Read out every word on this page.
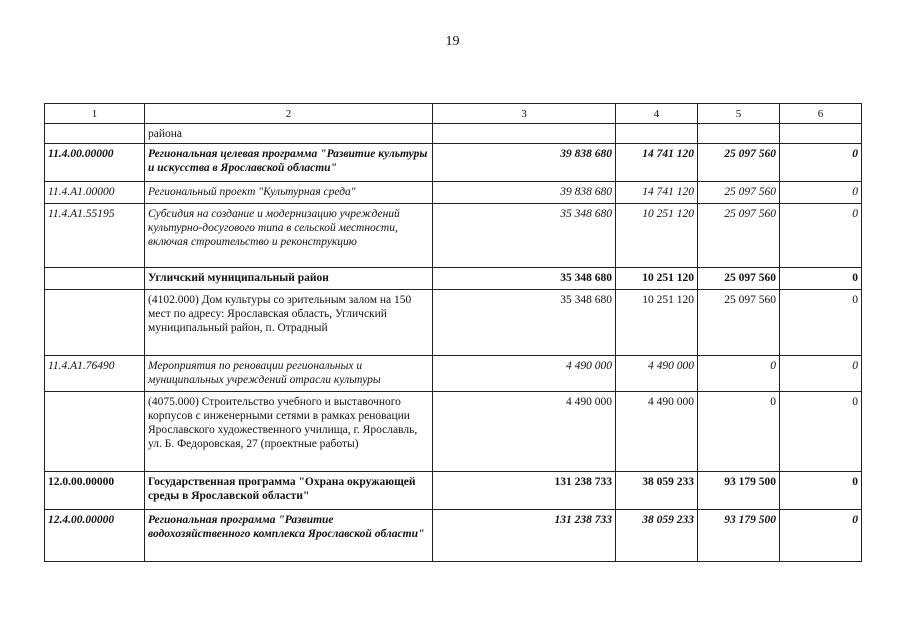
19
1	2	3	4	5	6
	района				
11.4.00.00000	Региональная целевая программа "Развитие культуры и искусства в Ярославской области"	39 838 680	14 741 120	25 097 560	0
11.4.A1.00000	Региональный проект "Культурная среда"	39 838 680	14 741 120	25 097 560	0
11.4.A1.55195	Субсидия на создание и модернизацию учреждений культурно-досугового типа в сельской местности, включая строительство и реконструкцию	35 348 680	10 251 120	25 097 560	0
	Угличский муниципальный район	35 348 680	10 251 120	25 097 560	0
	(4102.000) Дом культуры со зрительным залом на 150 мест по адресу: Ярославская область, Угличский муниципальный район, п. Отрадный	35 348 680	10 251 120	25 097 560	0
11.4.A1.76490	Мероприятия по реновации региональных и муниципальных учреждений отрасли культуры	4 490 000	4 490 000	0	0
	(4075.000) Строительство учебного и выставочного корпусов с инженерными сетями в рамках реновации Ярославского художественного училища, г. Ярославль, ул. Б. Федоровская, 27 (проектные работы)	4 490 000	4 490 000	0	0
12.0.00.00000	Государственная программа "Охрана окружающей среды в Ярославской области"	131 238 733	38 059 233	93 179 500	0
12.4.00.00000	Региональная программа "Развитие водохозяйственного комплекса Ярославской области"	131 238 733	38 059 233	93 179 500	0
